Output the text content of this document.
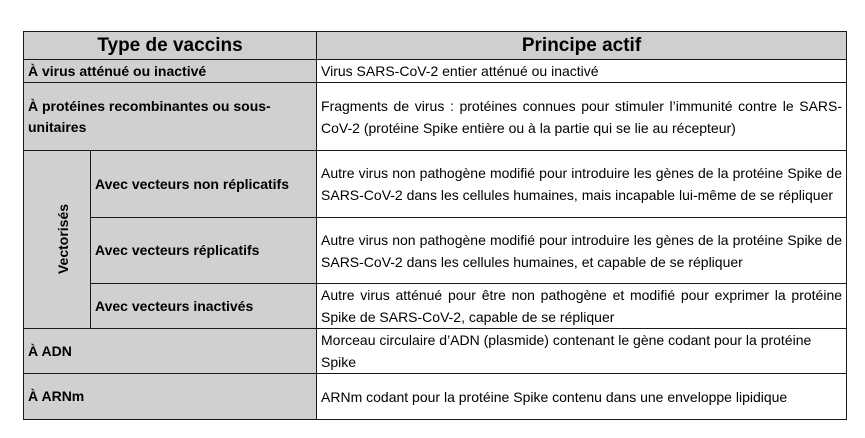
Type de vaccins		Principe actif
À virus atténué ou inactivé		Virus SARS-CoV-2 entier atténué ou inactivé
À protéines recombinantes ou sous-unitaires		Fragments de virus : protéines connues pour stimuler l’immunité contre le SARS-CoV-2 (protéine Spike entière ou à la partie qui se lie au récepteur)
Vectorisés	Avec vecteurs non réplicatifs	Autre virus non pathogène modifié pour introduire les gènes de la protéine Spike de SARS-CoV-2 dans les cellules humaines, mais incapable lui-même de se répliquer
	Avec vecteurs réplicatifs	Autre virus non pathogène modifié pour introduire les gènes de la protéine Spike de SARS-CoV-2 dans les cellules humaines, et capable de se répliquer
	Avec vecteurs inactivés	Autre virus atténué pour être non pathogène et modifié pour exprimer la protéine Spike de SARS-CoV-2, capable de se répliquer
À ADN		Morceau circulaire d’ADN (plasmide) contenant le gène codant pour la protéine Spike
À ARNm		ARNm codant pour la protéine Spike contenu dans une enveloppe lipidique
